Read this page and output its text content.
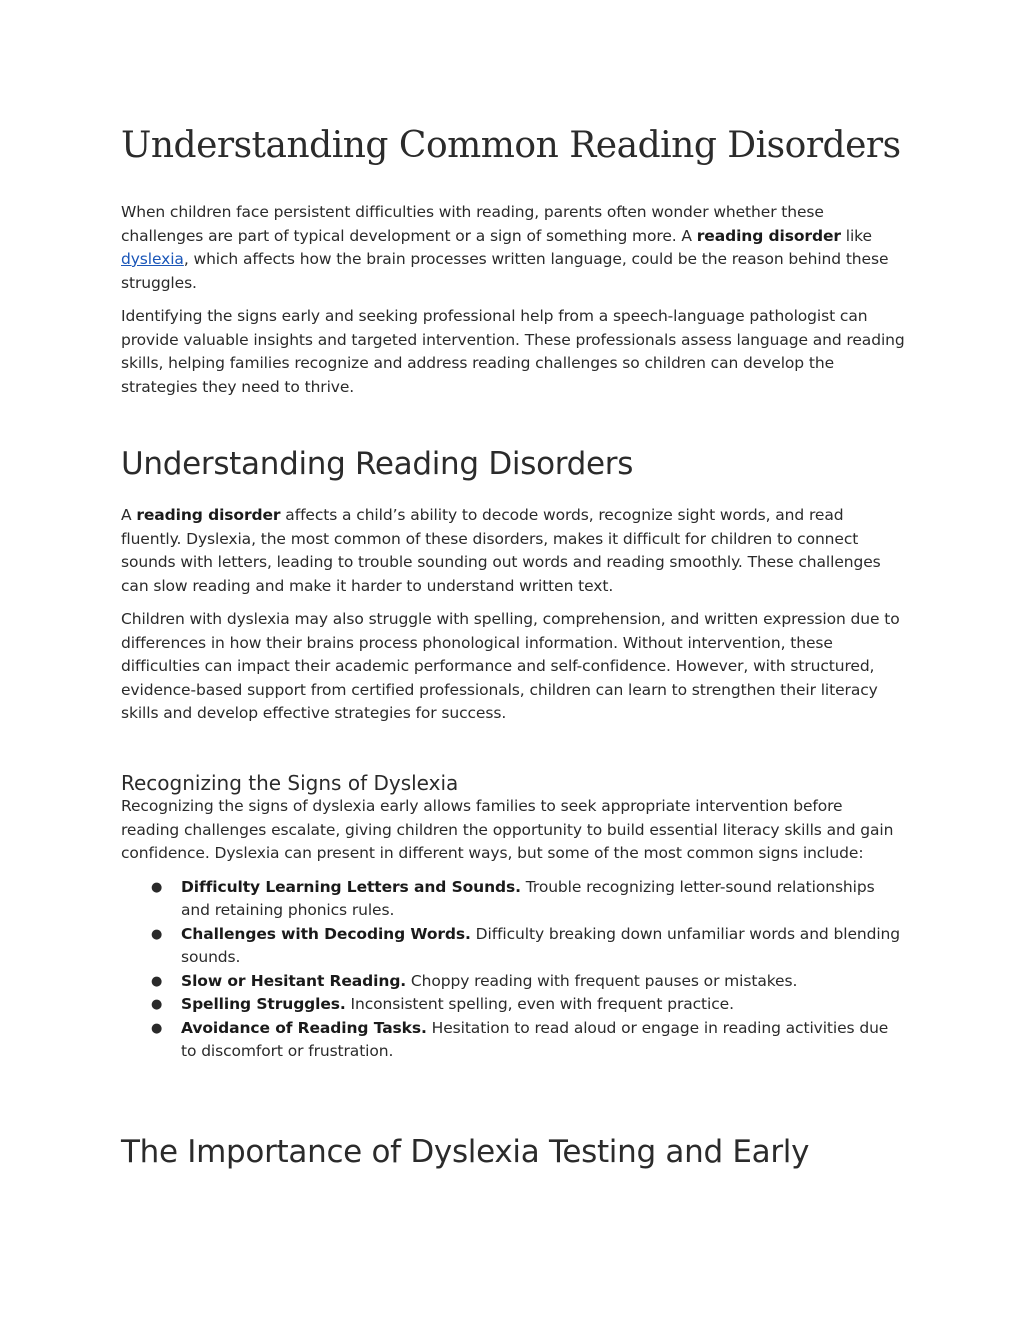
Understanding Common Reading Disorders

When children face persistent difficulties with reading, parents often wonder whether these challenges are part of typical development or a sign of something more. A reading disorder like dyslexia, which affects how the brain processes written language, could be the reason behind these struggles.

Identifying the signs early and seeking professional help from a speech-language pathologist can provide valuable insights and targeted intervention. These professionals assess language and reading skills, helping families recognize and address reading challenges so children can develop the strategies they need to thrive.

Understanding Reading Disorders

A reading disorder affects a child’s ability to decode words, recognize sight words, and read fluently. Dyslexia, the most common of these disorders, makes it difficult for children to connect sounds with letters, leading to trouble sounding out words and reading smoothly. These challenges can slow reading and make it harder to understand written text.

Children with dyslexia may also struggle with spelling, comprehension, and written expression due to differences in how their brains process phonological information. Without intervention, these difficulties can impact their academic performance and self-confidence. However, with structured, evidence-based support from certified professionals, children can learn to strengthen their literacy skills and develop effective strategies for success.

Recognizing the Signs of Dyslexia

Recognizing the signs of dyslexia early allows families to seek appropriate intervention before reading challenges escalate, giving children the opportunity to build essential literacy skills and gain confidence. Dyslexia can present in different ways, but some of the most common signs include:

● Difficulty Learning Letters and Sounds. Trouble recognizing letter-sound relationships and retaining phonics rules.
● Challenges with Decoding Words. Difficulty breaking down unfamiliar words and blending sounds.
● Slow or Hesitant Reading. Choppy reading with frequent pauses or mistakes.
● Spelling Struggles. Inconsistent spelling, even with frequent practice.
● Avoidance of Reading Tasks. Hesitation to read aloud or engage in reading activities due to discomfort or frustration.
The Importance of Dyslexia Testing and Early
